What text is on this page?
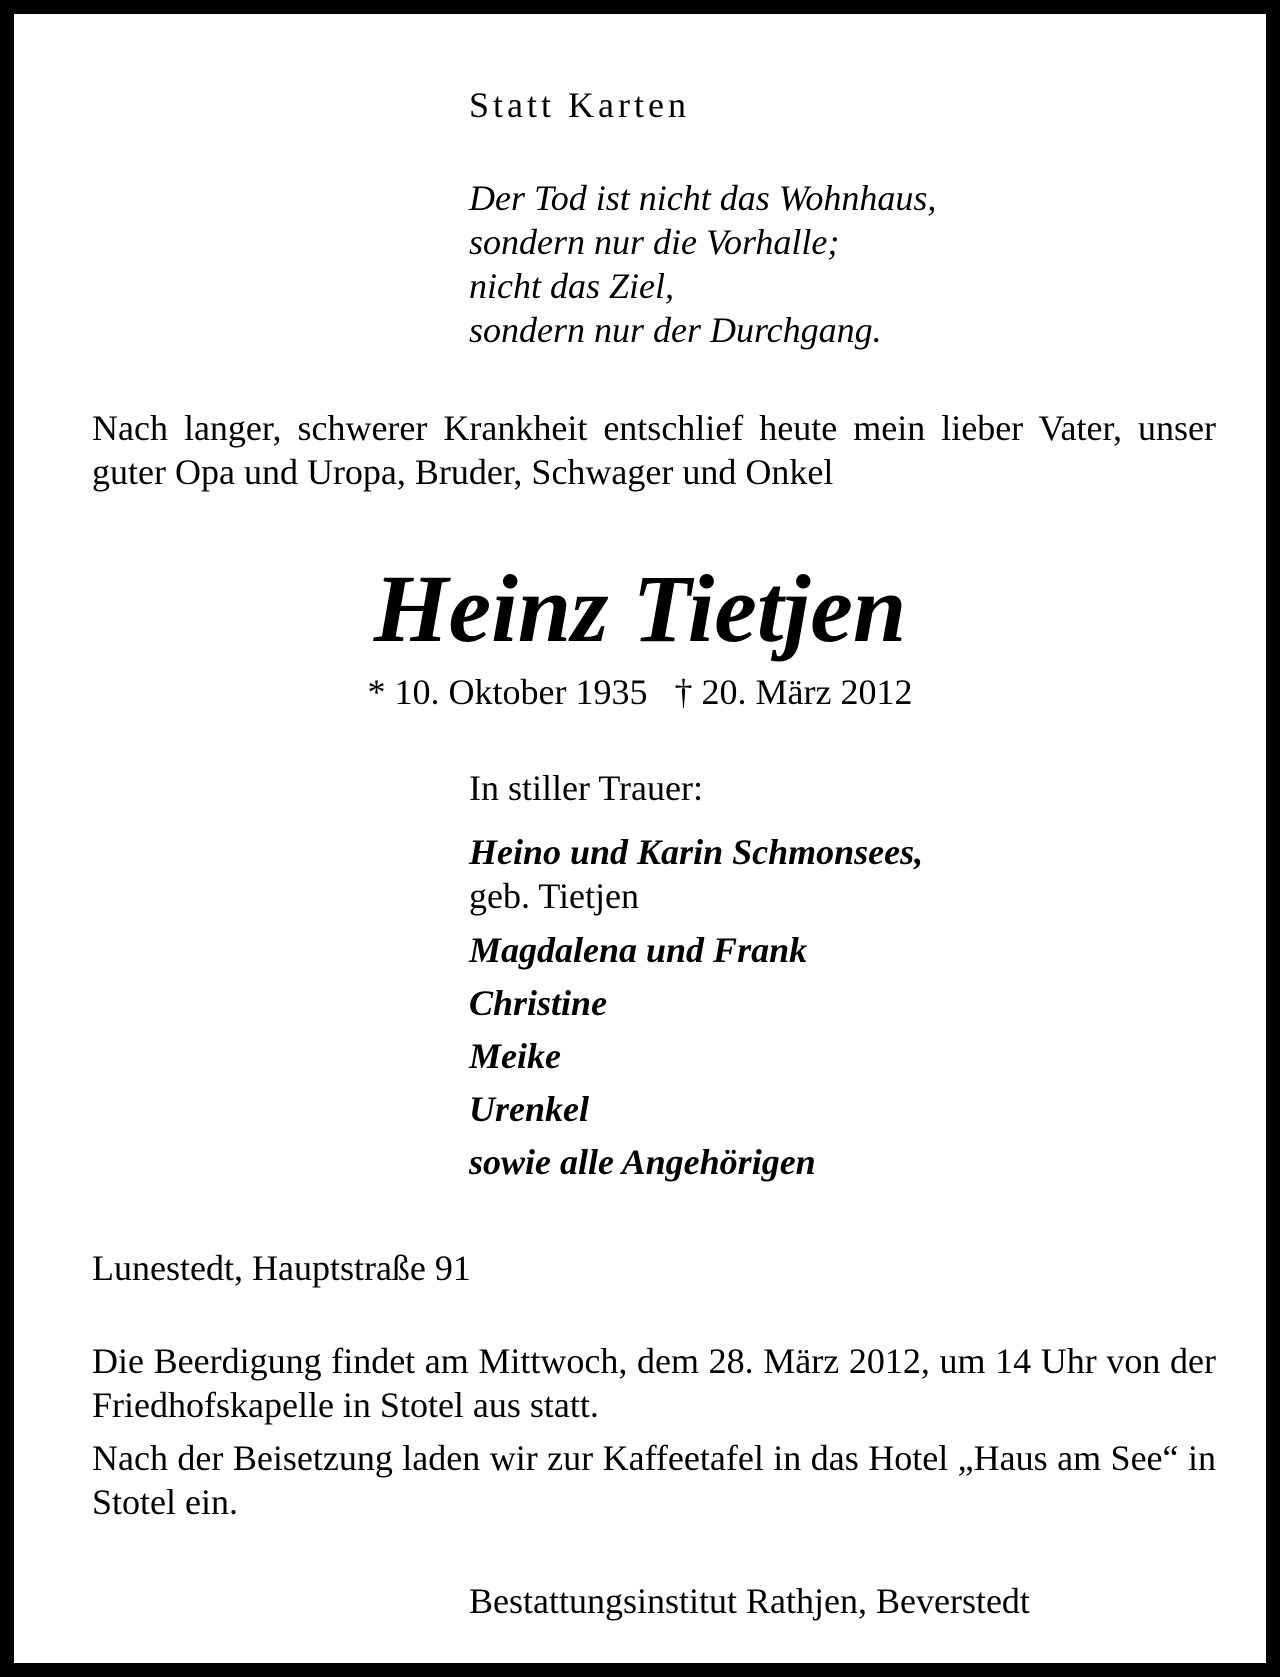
Statt Karten

Der Tod ist nicht das Wohnhaus,
sondern nur die Vorhalle;
nicht das Ziel,
sondern nur der Durchgang.

Nach langer, schwerer Krankheit entschlief heute mein lieber Vater, unser guter Opa und Uropa, Bruder, Schwager und Onkel

Heinz Tietjen

* 10. Oktober 1935 † 20. März 2012

In stiller Trauer:

Heino und Karin Schmonsees,
geb. Tietjen
Magdalena und Frank
Christine
Meike
Urenkel
sowie alle Angehörigen

Lunestedt, Hauptstraße 91

Die Beerdigung findet am Mittwoch, dem 28. März 2012, um 14 Uhr von der Friedhofskapelle in Stotel aus statt.

Nach der Beisetzung laden wir zur Kaffeetafel in das Hotel „Haus am See“ in Stotel ein.

Bestattungsinstitut Rathjen, Beverstedt
